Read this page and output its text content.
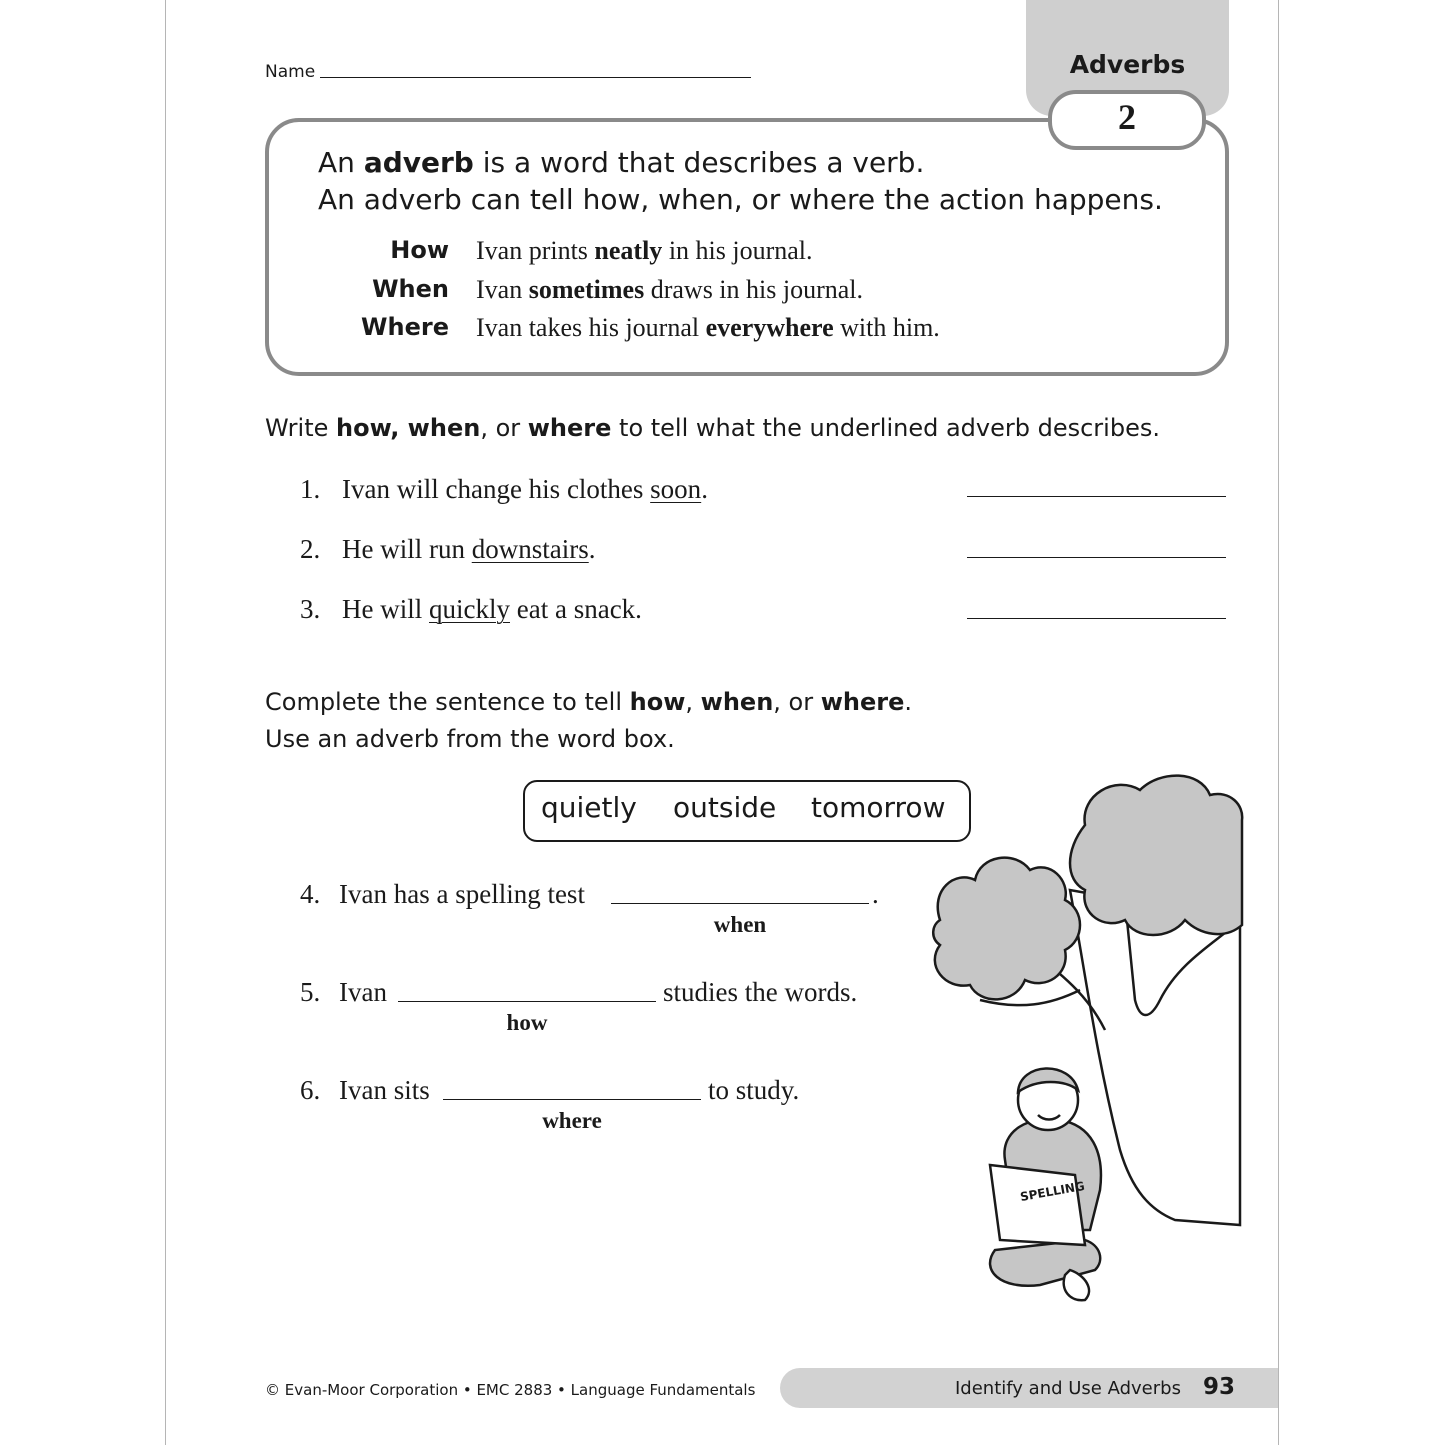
Name	Adverbs
2
An adverb is a word that describes a verb.
An adverb can tell how, when, or where the action happens.
How Ivan prints neatly in his journal.
When Ivan sometimes draws in his journal.
Where Ivan takes his journal everywhere with him.
Write how, when, or where to tell what the underlined adverb describes.
1. Ivan will change his clothes soon.
2. He will run downstairs.
3. He will quickly eat a snack.
Complete the sentence to tell how, when, or where.
Use an adverb from the word box.
quietly outside tomorrow
4. Ivan has a spelling test	.
when
5. Ivan	studies the words.
how
6. Ivan sits	to study.
where
SPELLING
© Evan-Moor Corporation • EMC 2883 • Language Fundamentals	Identify and Use Adverbs 93
